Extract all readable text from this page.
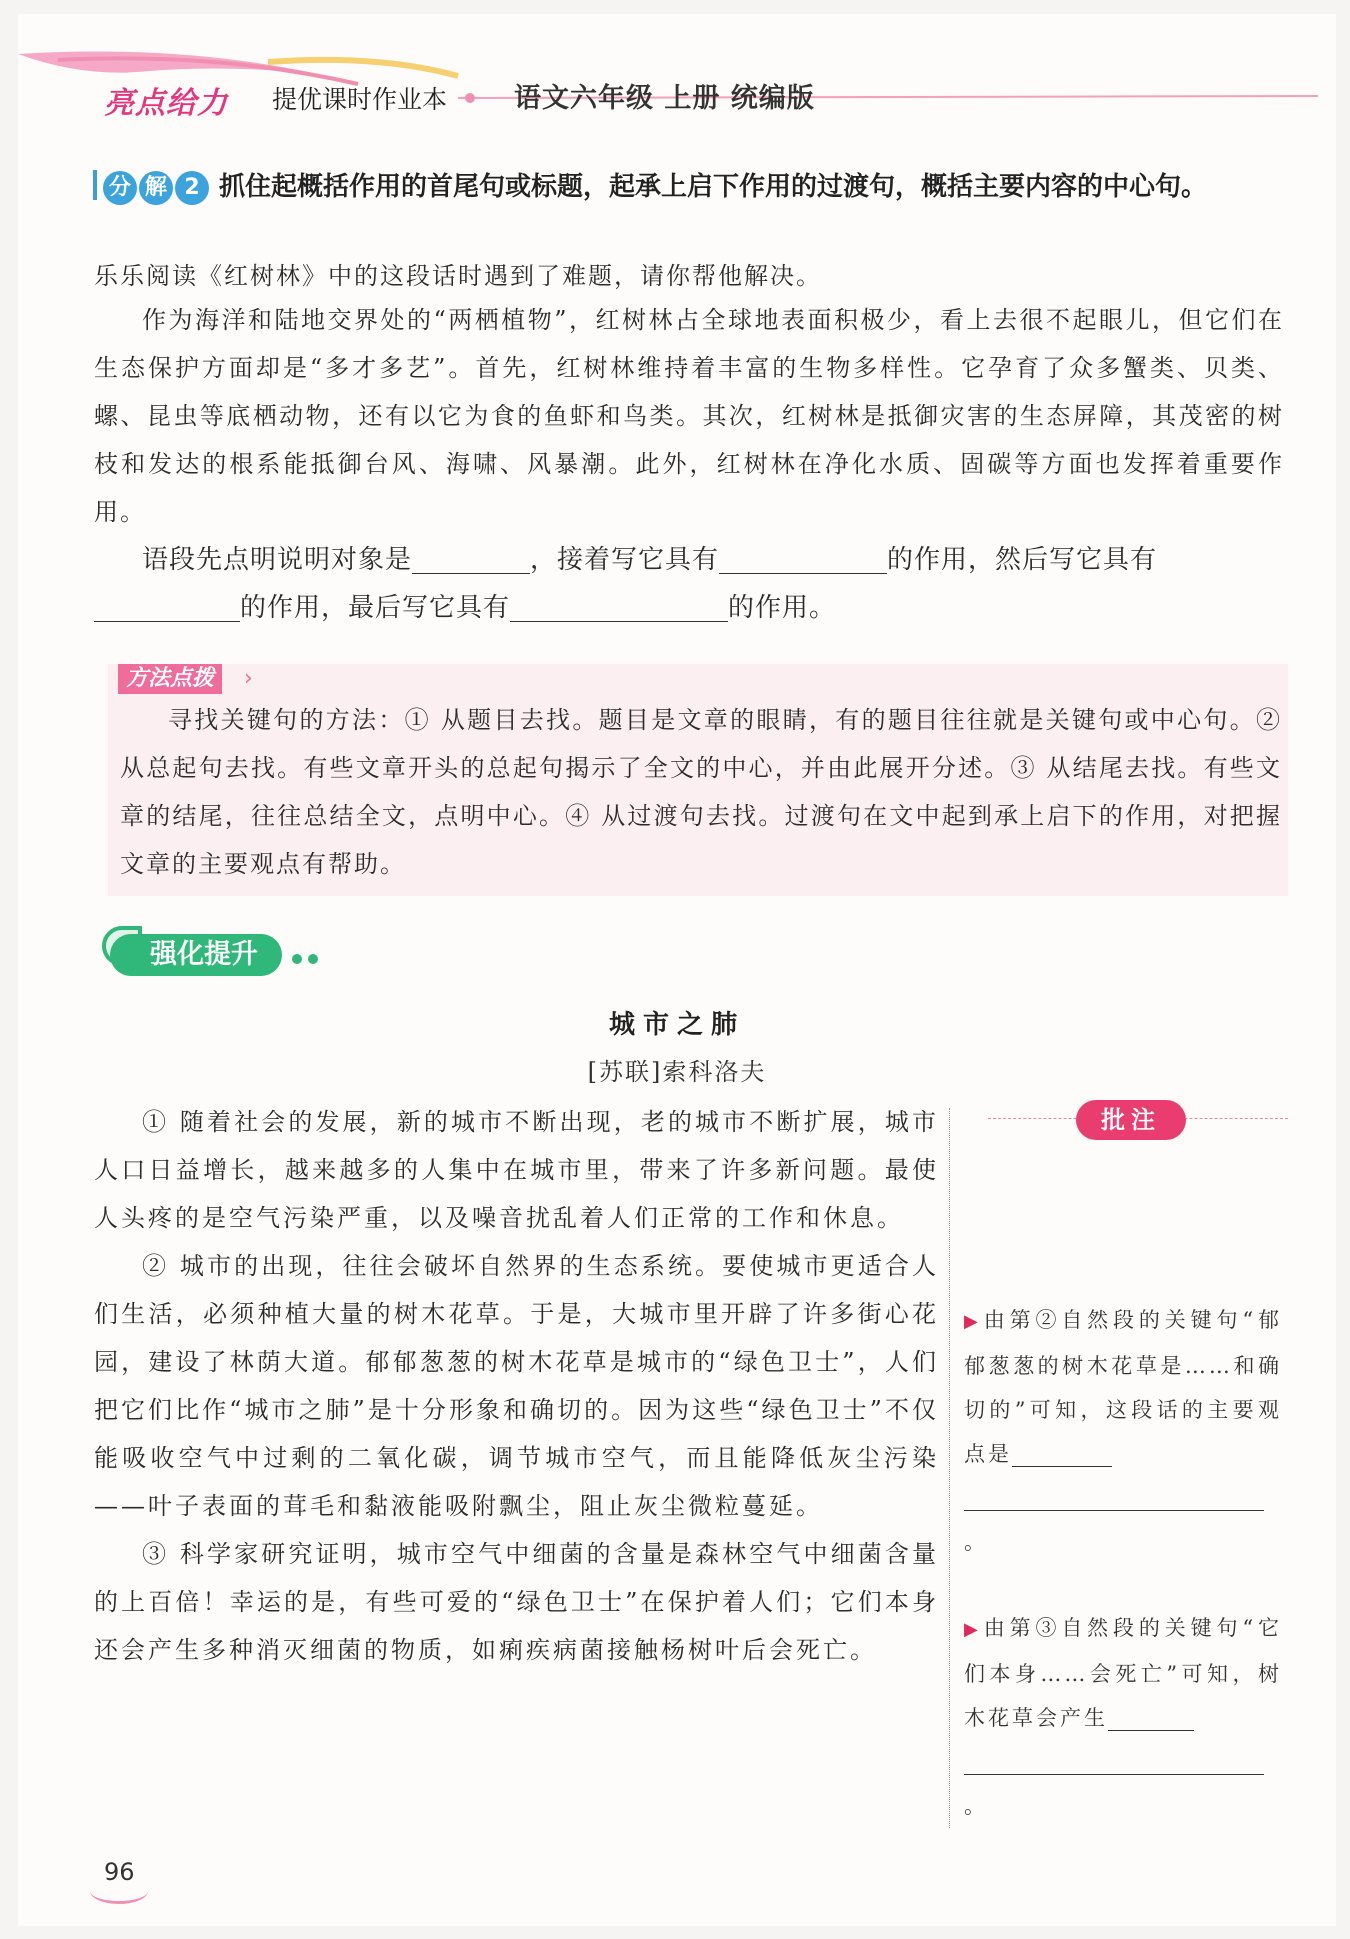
亮点给力 提优课时作业本 语文六年级 上册 统编版
分 解 2 抓住起概括作用的首尾句或标题，起承上启下作用的过渡句，概括主要内容的中心句。
乐乐阅读《红树林》中的这段话时遇到了难题，请你帮他解决。
作为海洋和陆地交界处的“两栖植物”，红树林占全球地表面积极少，看上去很不起眼儿，但它们在生态保护方面却是“多才多艺”。首先，红树林维持着丰富的生物多样性。它孕育了众多蟹类、贝类、螺、昆虫等底栖动物，还有以它为食的鱼虾和鸟类。其次，红树林是抵御灾害的生态屏障，其茂密的树枝和发达的根系能抵御台风、海啸、风暴潮。此外，红树林在净化水质、固碳等方面也发挥着重要作用。
语段先点明说明对象是	，接着写它具有	的作用，然后写它具有的作用，最后写它具有	的作用。
方法点拨	›
寻找关键句的方法：① 从题目去找。题目是文章的眼睛，有的题目往往就是关键句或中心句。② 从总起句去找。有些文章开头的总起句揭示了全文的中心，并由此展开分述。③ 从结尾去找。有些文章的结尾，往往总结全文，点明中心。④ 从过渡句去找。过渡句在文中起到承上启下的作用，对把握文章的主要观点有帮助。
强化提升
城市之肺
[苏联]索科洛夫

① 随着社会的发展，新的城市不断出现，老的城市不断扩展，城市人口日益增长，越来越多的人集中在城市里，带来了许多新问题。最使人头疼的是空气污染严重，以及噪音扰乱着人们正常的工作和休息。

② 城市的出现，往往会破坏自然界的生态系统。要使城市更适合人们生活，必须种植大量的树木花草。于是，大城市里开辟了许多街心花园，建设了林荫大道。郁郁葱葱的树木花草是城市的“绿色卫士”，人们把它们比作“城市之肺”是十分形象和确切的。因为这些“绿色卫士”不仅能吸收空气中过剩的二氧化碳，调节城市空气，而且能降低灰尘污染——叶子表面的茸毛和黏液能吸附飘尘，阻止灰尘微粒蔓延。

③ 科学家研究证明，城市空气中细菌的含量是森林空气中细菌含量的上百倍！幸运的是，有些可爱的“绿色卫士”在保护着人们；它们本身还会产生多种消灭细菌的物质，如痢疾病菌接触杨树叶后会死亡。

批注
▶ 由第②自然段的关键句“郁郁葱葱的树木花草是……和确切的”可知，这段话的主要观点是
。
▶ 由第③自然段的关键句“它们本身……会死亡”可知，树木花草会产生
。
96
